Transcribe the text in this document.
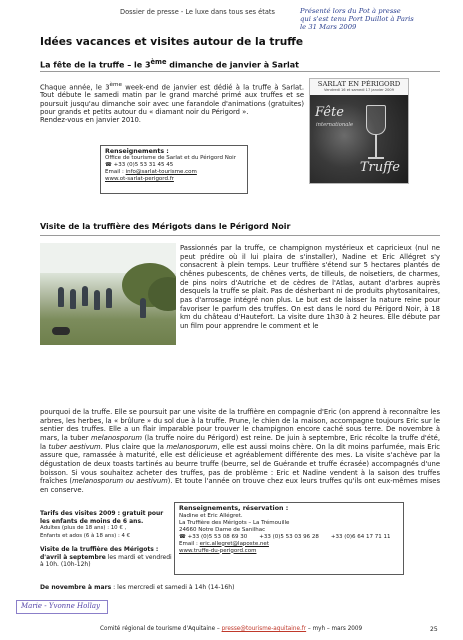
Dossier de presse - Le luxe dans tous ses états	Présenté lors du Pot à presse
qui s'est tenu Port Duillot à Paris
le 31 Mars 2009
Idées vacances et visites autour de la truffe
La fête de la truffe – le 3ème dimanche de janvier à Sarlat
Chaque année, le 3ème week-end de janvier est dédié à la truffe à Sarlat. Tout débute le samedi matin par le grand marché primé aux truffes et se poursuit jusqu'au dimanche soir avec une farandole d'animations (gratuites) pour grands et petits autour du « diamant noir du Périgord ».
Rendez-vous en janvier 2010.
SARLAT EN PÉRIGORD
Vendredi 16 et samedi 17 janvier 2009
Fête
internationale
Truffe
Renseignements :
Office de tourisme de Sarlat et du Périgord Noir
☎ +33 (0)5 53 31 45 45
Email : info@sarlat-tourisme.com
www.ot-sarlat-perigord.fr
Visite de la truffière des Mérigots dans le Périgord Noir
Passionnés par la truffe, ce champignon mystérieux et capricieux (nul ne peut prédire où il lui plaira de s'installer), Nadine et Eric Allégret s'y consacrent à plein temps. Leur truffière s'étend sur 5 hectares plantés de chênes pubescents, de chênes verts, de tilleuls, de noisetiers, de charmes, de pins noirs d'Autriche et de cèdres de l'Atlas, autant d'arbres auprès desquels la truffe se plait. Pas de désherbant ni de produits phytosanitaires, pas d'arrosage intégré non plus. Le but est de laisser la nature reine pour favoriser le parfum des truffes. On est dans le nord du Périgord Noir, à 18 km du château d'Hautefort. La visite dure 1h30 à 2 heures. Elle débute par un film pour apprendre le comment et le
pourquoi de la truffe. Elle se poursuit par une visite de la truffière en compagnie d'Eric (on apprend à reconnaître les arbres, les herbes, la « brûlure » du sol due à la truffe. Prune, le chien de la maison, accompagne toujours Eric sur le sentier des truffes. Elle a un flair imparable pour trouver le champignon encore caché sous terre. De novembre à mars, la tuber melanosporum (la truffe noire du Périgord) est reine. De juin à septembre, Eric récolte la truffe d'été, la tuber aestivum. Plus claire que la melanosporum, elle est aussi moins chère. On la dit moins parfumée, mais Eric assure que, ramassée à maturité, elle est délicieuse et agréablement différente des mes. La visite s'achève par la dégustation de deux toasts tartinés au beurre truffe (beurre, sel de Guérande et truffe écrasée) accompagnés d'une boisson. Si vous souhaitez acheter des truffes, pas de problème : Eric et Nadine vendent à la saison des truffes fraîches (melanosporum ou aestivum). Et toute l'année on trouve chez eux leurs truffes qu'ils ont eux-mêmes mises en conserve.
Tarifs des visites 2009 : gratuit pour les enfants de moins de 6 ans.
Adultes (plus de 18 ans) : 10 € ,
Enfants et ados (6 à 18 ans) : 4 €
Visite de la truffière des Mérigots : d'avril à septembre les mardi et vendredi à 10h. (10h-12h)
Renseignements, réservation :
Nadine et Eric Allégret.
La Truffière des Mérigots – La Trémouille
24660 Notre Dame de Sanilhac
☎ +33 (0)5 53 08 69 30 +33 (0)5 53 03 96 28 +33 (0)6 64 17 71 11
Email : eric.allegret@laposte.net
www.truffe-du-perigord.com
De novembre à mars : les mercredi et samedi à 14h (14-16h)
Marie - Yvonne Hollay
Comité régional de tourisme d'Aquitaine – presse@tourisme-aquitaine.fr – myh – mars 2009	25
